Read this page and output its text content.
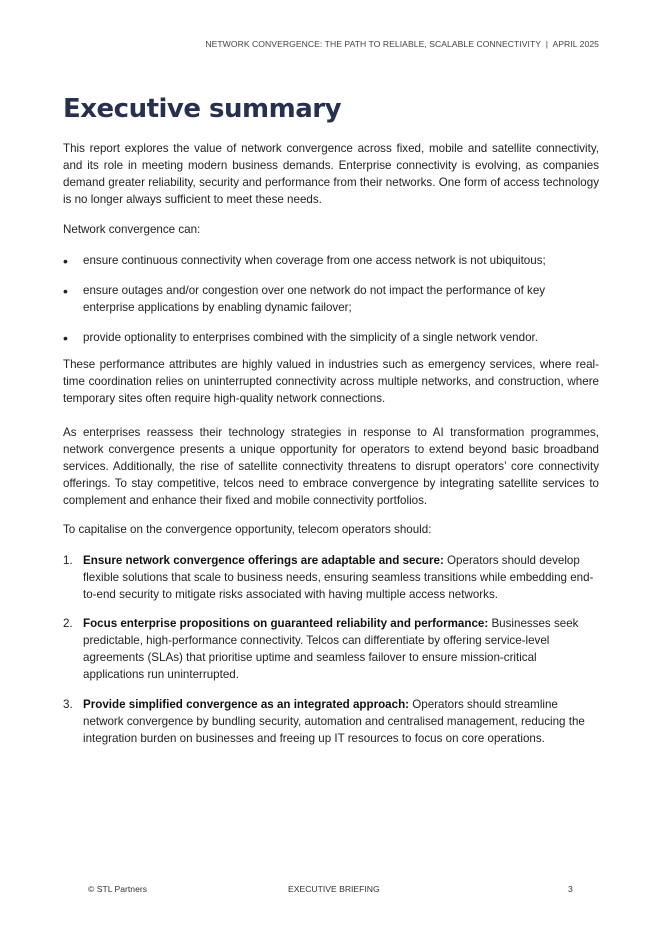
NETWORK CONVERGENCE: THE PATH TO RELIABLE, SCALABLE CONNECTIVITY  |  APRIL 2025
Executive summary
This report explores the value of network convergence across fixed, mobile and satellite connectivity, and its role in meeting modern business demands. Enterprise connectivity is evolving, as companies demand greater reliability, security and performance from their networks. One form of access technology is no longer always sufficient to meet these needs.
Network convergence can:
• ensure continuous connectivity when coverage from one access network is not ubiquitous;
• ensure outages and/or congestion over one network do not impact the performance of key enterprise applications by enabling dynamic failover;
• provide optionality to enterprises combined with the simplicity of a single network vendor.
These performance attributes are highly valued in industries such as emergency services, where real-time coordination relies on uninterrupted connectivity across multiple networks, and construction, where temporary sites often require high-quality network connections.
As enterprises reassess their technology strategies in response to AI transformation programmes, network convergence presents a unique opportunity for operators to extend beyond basic broadband services. Additionally, the rise of satellite connectivity threatens to disrupt operators’ core connectivity offerings. To stay competitive, telcos need to embrace convergence by integrating satellite services to complement and enhance their fixed and mobile connectivity portfolios.
To capitalise on the convergence opportunity, telecom operators should:
1. Ensure network convergence offerings are adaptable and secure: Operators should develop flexible solutions that scale to business needs, ensuring seamless transitions while embedding end-to-end security to mitigate risks associated with having multiple access networks.
2. Focus enterprise propositions on guaranteed reliability and performance: Businesses seek predictable, high-performance connectivity. Telcos can differentiate by offering service-level agreements (SLAs) that prioritise uptime and seamless failover to ensure mission-critical applications run uninterrupted.
3. Provide simplified convergence as an integrated approach: Operators should streamline network convergence by bundling security, automation and centralised management, reducing the integration burden on businesses and freeing up IT resources to focus on core operations.
© STL Partners	EXECUTIVE BRIEFING	3
